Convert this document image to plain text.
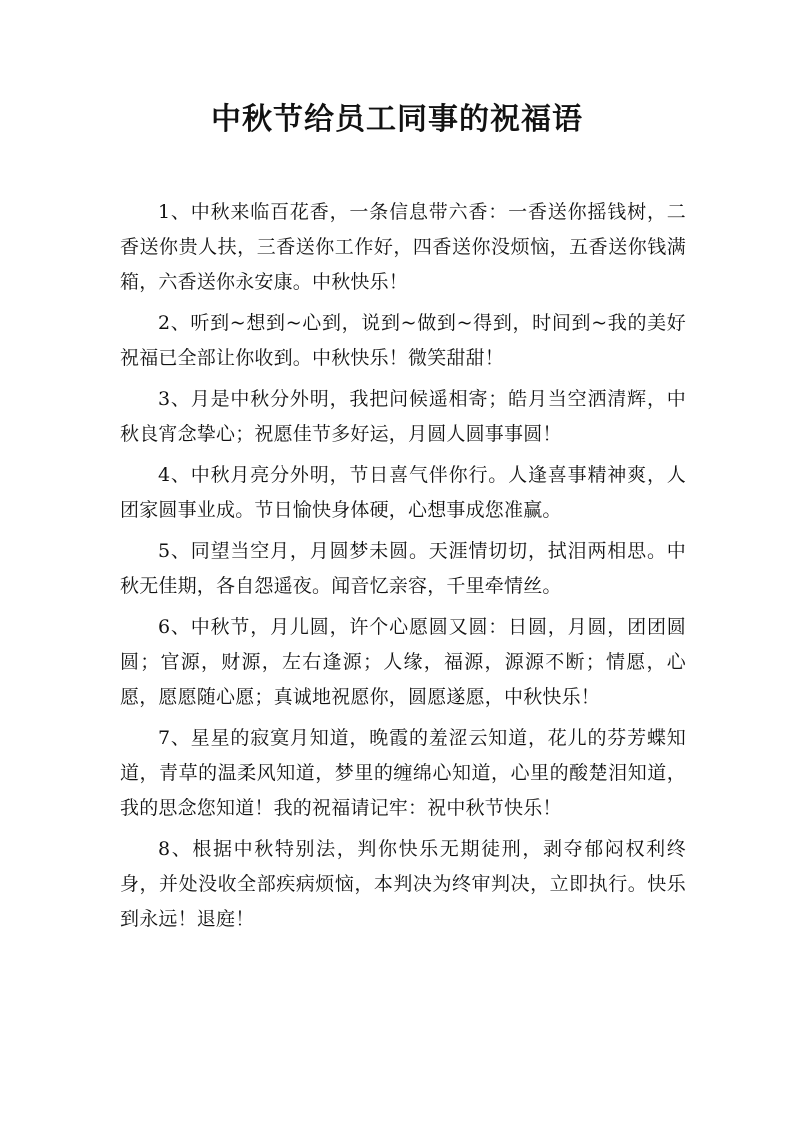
中秋节给员工同事的祝福语

1、中秋来临百花香，一条信息带六香：一香送你摇钱树，二香送你贵人扶，三香送你工作好，四香送你没烦恼，五香送你钱满箱，六香送你永安康。中秋快乐！

2、听到~想到~心到，说到~做到~得到，时间到~我的美好祝福已全部让你收到。中秋快乐！微笑甜甜！

3、月是中秋分外明，我把问候遥相寄；皓月当空洒清辉，中秋良宵念挚心；祝愿佳节多好运，月圆人圆事事圆！

4、中秋月亮分外明，节日喜气伴你行。人逢喜事精神爽，人团家圆事业成。节日愉快身体硬，心想事成您准赢。

5、同望当空月，月圆梦未圆。天涯情切切，拭泪两相思。中秋无佳期，各自怨遥夜。闻音忆亲容，千里牵情丝。

6、中秋节，月儿圆，许个心愿圆又圆：日圆，月圆，团团圆圆；官源，财源，左右逢源；人缘，福源，源源不断；情愿，心愿，愿愿随心愿；真诚地祝愿你，圆愿遂愿，中秋快乐！

7、星星的寂寞月知道，晚霞的羞涩云知道，花儿的芬芳蝶知道，青草的温柔风知道，梦里的缠绵心知道，心里的酸楚泪知道，我的思念您知道！我的祝福请记牢：祝中秋节快乐！

8、根据中秋特别法，判你快乐无期徒刑，剥夺郁闷权利终身，并处没收全部疾病烦恼，本判决为终审判决，立即执行。快乐到永远！退庭！
